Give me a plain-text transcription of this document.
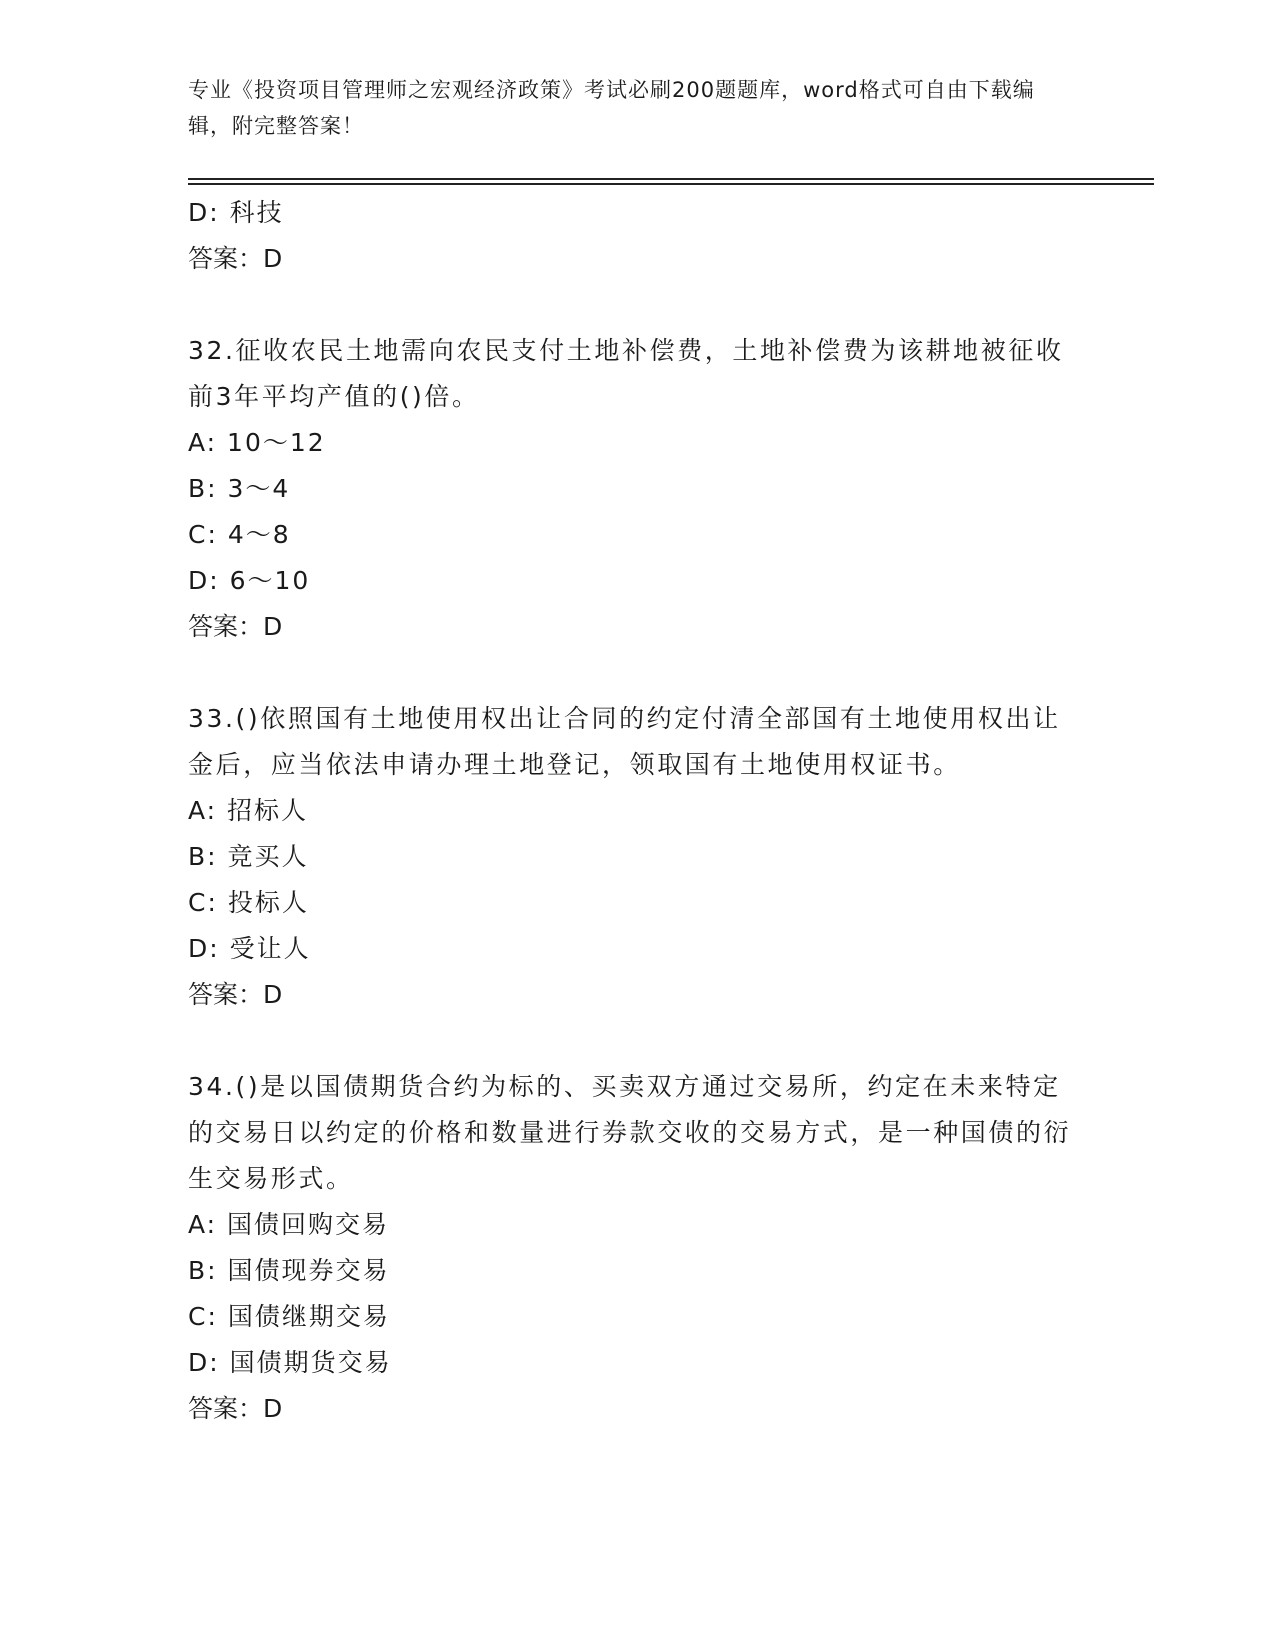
专业《投资项目管理师之宏观经济政策》考试必刷200题题库，word格式可自由下载编辑，附完整答案！
D: 科技
答案：D
32.征收农民土地需向农民支付土地补偿费，土地补偿费为该耕地被征收前3年平均产值的()倍。
A: 10～12
B: 3～4
C: 4～8
D: 6～10
答案：D
33.()依照国有土地使用权出让合同的约定付清全部国有土地使用权出让金后，应当依法申请办理土地登记，领取国有土地使用权证书。
A: 招标人
B: 竞买人
C: 投标人
D: 受让人
答案：D
34.()是以国债期货合约为标的、买卖双方通过交易所，约定在未来特定的交易日以约定的价格和数量进行券款交收的交易方式，是一种国债的衍生交易形式。
A: 国债回购交易
B: 国债现券交易
C: 国债继期交易
D: 国债期货交易
答案：D
